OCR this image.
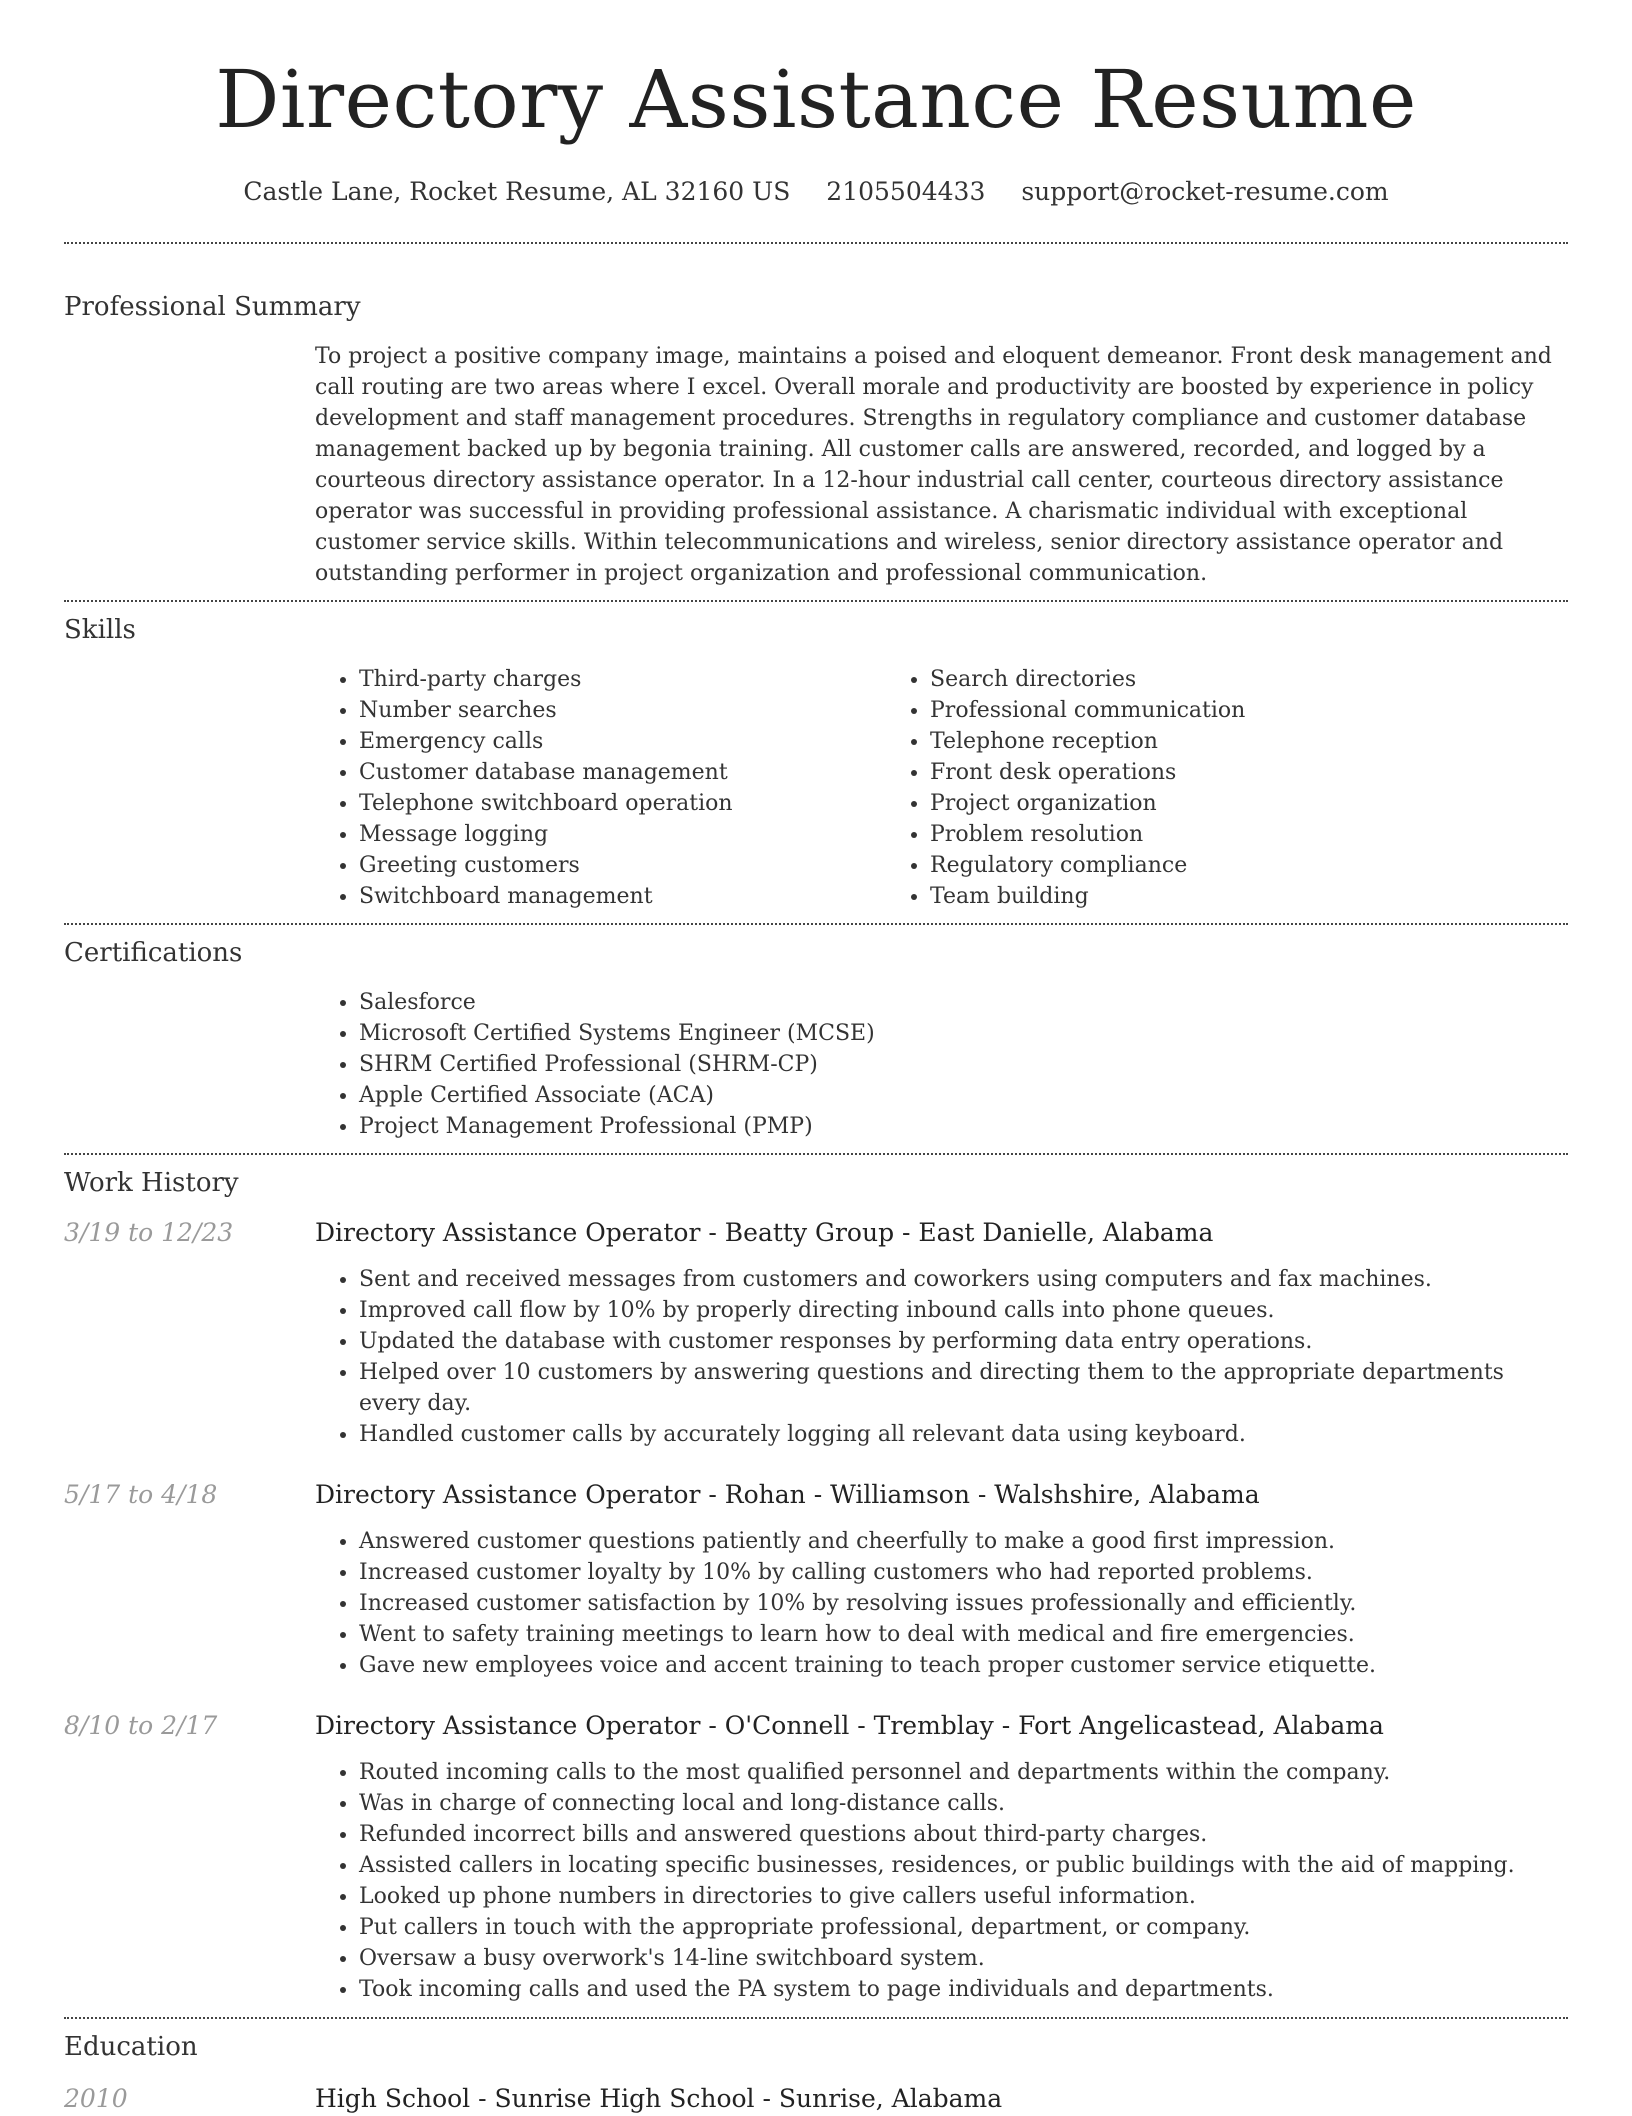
Directory Assistance Resume
Castle Lane, Rocket Resume, AL 32160 US 2105504433 support@rocket-resume.com
Professional Summary

To project a positive company image, maintains a poised and eloquent demeanor. Front desk management and call routing are two areas where I excel. Overall morale and productivity are boosted by experience in policy development and staff management procedures. Strengths in regulatory compliance and customer database management backed up by begonia training. All customer calls are answered, recorded, and logged by a courteous directory assistance operator. In a 12-hour industrial call center, courteous directory assistance operator was successful in providing professional assistance. A charismatic individual with exceptional customer service skills. Within telecommunications and wireless, senior directory assistance operator and outstanding performer in project organization and professional communication.

Skills
• Third-party charges
• Number searches
• Emergency calls
• Customer database management
• Telephone switchboard operation
• Message logging
• Greeting customers
• Switchboard management
• Search directories
• Professional communication
• Telephone reception
• Front desk operations
• Project organization
• Problem resolution
• Regulatory compliance
• Team building
Certifications
• Salesforce
• Microsoft Certified Systems Engineer (MCSE)
• SHRM Certified Professional (SHRM-CP)
• Apple Certified Associate (ACA)
• Project Management Professional (PMP)
Work History
3/19 to 12/23	Directory Assistance Operator - Beatty Group - East Danielle, Alabama
• Sent and received messages from customers and coworkers using computers and fax machines.
• Improved call flow by 10% by properly directing inbound calls into phone queues.
• Updated the database with customer responses by performing data entry operations.
• Helped over 10 customers by answering questions and directing them to the appropriate departments every day.
• Handled customer calls by accurately logging all relevant data using keyboard.
5/17 to 4/18	Directory Assistance Operator - Rohan - Williamson - Walshshire, Alabama
• Answered customer questions patiently and cheerfully to make a good first impression.
• Increased customer loyalty by 10% by calling customers who had reported problems.
• Increased customer satisfaction by 10% by resolving issues professionally and efficiently.
• Went to safety training meetings to learn how to deal with medical and fire emergencies.
• Gave new employees voice and accent training to teach proper customer service etiquette.
8/10 to 2/17	Directory Assistance Operator - O'Connell - Tremblay - Fort Angelicastead, Alabama
• Routed incoming calls to the most qualified personnel and departments within the company.
• Was in charge of connecting local and long-distance calls.
• Refunded incorrect bills and answered questions about third-party charges.
• Assisted callers in locating specific businesses, residences, or public buildings with the aid of mapping.
• Looked up phone numbers in directories to give callers useful information.
• Put callers in touch with the appropriate professional, department, or company.
• Oversaw a busy overwork's 14-line switchboard system.
• Took incoming calls and used the PA system to page individuals and departments.
Education
2010	High School - Sunrise High School - Sunrise, Alabama
